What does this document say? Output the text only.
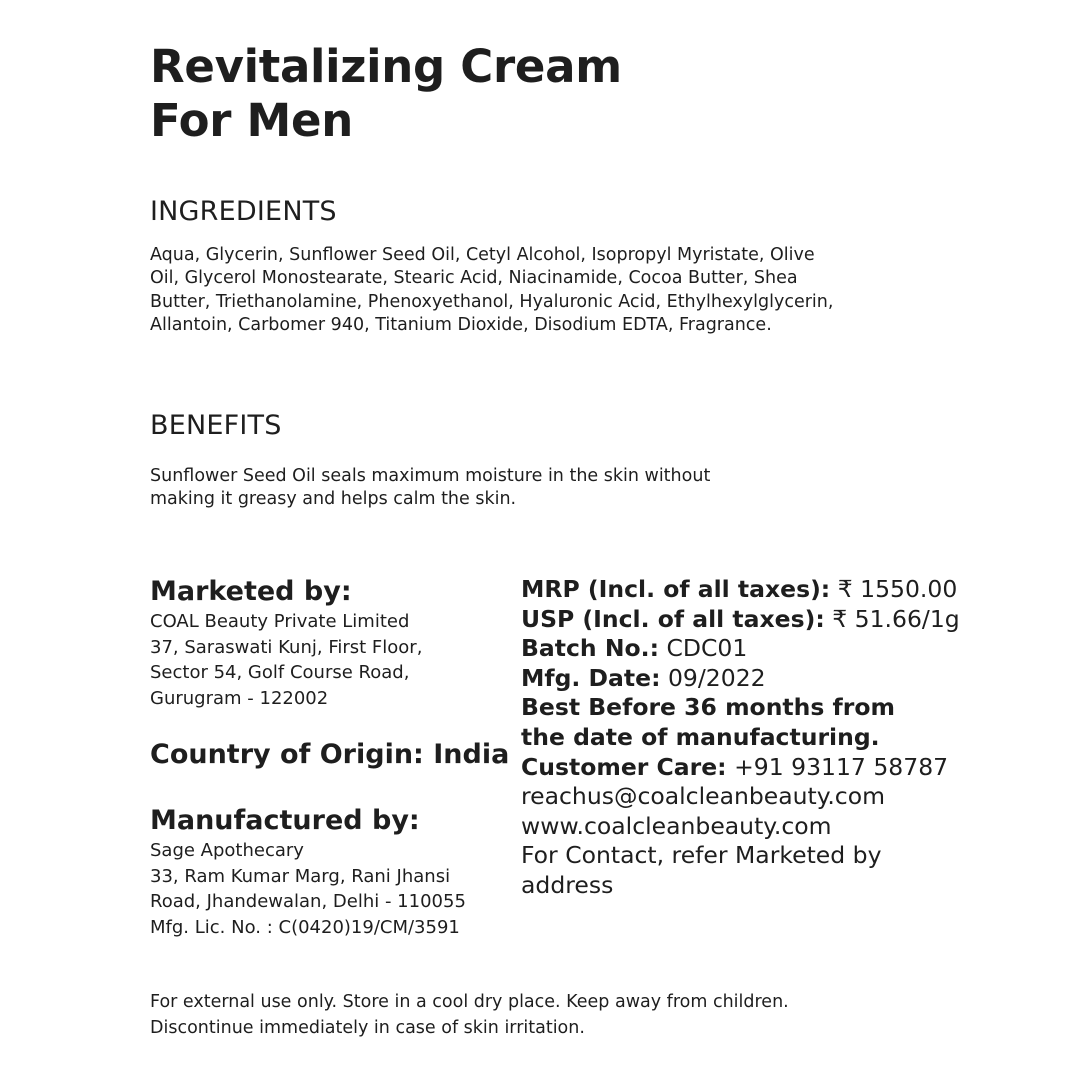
Revitalizing Cream
For Men
INGREDIENTS
Aqua, Glycerin, Sunflower Seed Oil, Cetyl Alcohol, Isopropyl Myristate, Olive
Oil, Glycerol Monostearate, Stearic Acid, Niacinamide, Cocoa Butter, Shea
Butter, Triethanolamine, Phenoxyethanol, Hyaluronic Acid, Ethylhexylglycerin,
Allantoin, Carbomer 940, Titanium Dioxide, Disodium EDTA, Fragrance.
BENEFITS
Sunflower Seed Oil seals maximum moisture in the skin without
making it greasy and helps calm the skin.
Marketed by:
COAL Beauty Private Limited
37, Saraswati Kunj, First Floor,
Sector 54, Golf Course Road,
Gurugram - 122002
Country of Origin: India
Manufactured by:
Sage Apothecary
33, Ram Kumar Marg, Rani Jhansi
Road, Jhandewalan, Delhi - 110055
Mfg. Lic. No. : C(0420)19/CM/3591
MRP (Incl. of all taxes): ₹ 1550.00
USP (Incl. of all taxes): ₹ 51.66/1g
Batch No.: CDC01
Mfg. Date: 09/2022
Best Before 36 months from
the date of manufacturing.
Customer Care: +91 93117 58787
reachus@coalcleanbeauty.com
www.coalcleanbeauty.com
For Contact, refer Marketed by
address
For external use only. Store in a cool dry place. Keep away from children.
Discontinue immediately in case of skin irritation.
